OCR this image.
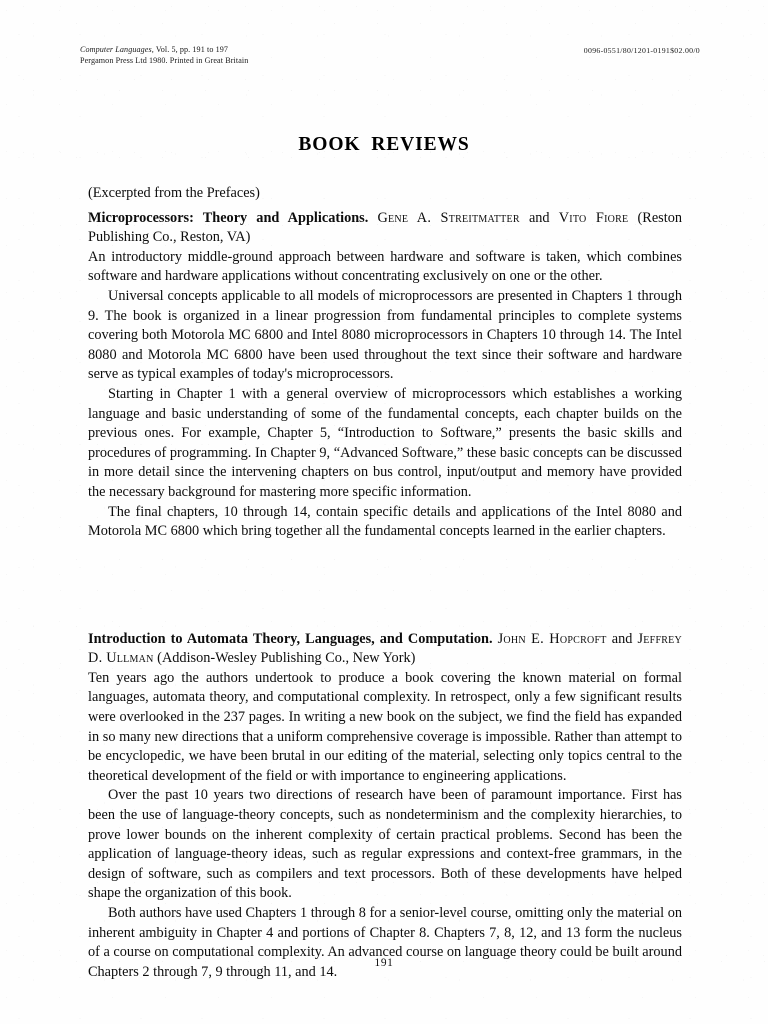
Computer Languages, Vol. 5, pp. 191 to 197
Pergamon Press Ltd 1980. Printed in Great Britain
0096-0551/80/1201-0191$02.00/0
BOOK REVIEWS
(Excerpted from the Prefaces)

Microprocessors: Theory and Applications. Gene A. Streitmatter and Vito Fiore (Reston Publishing Co., Reston, VA)

An introductory middle-ground approach between hardware and software is taken, which combines software and hardware applications without concentrating exclusively on one or the other.

Universal concepts applicable to all models of microprocessors are presented in Chapters 1 through 9. The book is organized in a linear progression from fundamental principles to complete systems covering both Motorola MC 6800 and Intel 8080 microprocessors in Chapters 10 through 14. The Intel 8080 and Motorola MC 6800 have been used throughout the text since their software and hardware serve as typical examples of today's microprocessors.

Starting in Chapter 1 with a general overview of microprocessors which establishes a working language and basic understanding of some of the fundamental concepts, each chapter builds on the previous ones. For example, Chapter 5, “Introduction to Software,” presents the basic skills and procedures of programming. In Chapter 9, “Advanced Software,” these basic concepts can be discussed in more detail since the intervening chapters on bus control, input/output and memory have provided the necessary background for mastering more specific information.

The final chapters, 10 through 14, contain specific details and applications of the Intel 8080 and Motorola MC 6800 which bring together all the fundamental concepts learned in the earlier chapters.

Introduction to Automata Theory, Languages, and Computation. John E. Hopcroft and Jeffrey D. Ullman (Addison-Wesley Publishing Co., New York)

Ten years ago the authors undertook to produce a book covering the known material on formal languages, automata theory, and computational complexity. In retrospect, only a few significant results were overlooked in the 237 pages. In writing a new book on the subject, we find the field has expanded in so many new directions that a uniform comprehensive coverage is impossible. Rather than attempt to be encyclopedic, we have been brutal in our editing of the material, selecting only topics central to the theoretical development of the field or with importance to engineering applications.

Over the past 10 years two directions of research have been of paramount importance. First has been the use of language-theory concepts, such as nondeterminism and the complexity hierarchies, to prove lower bounds on the inherent complexity of certain practical problems. Second has been the application of language-theory ideas, such as regular expressions and context-free grammars, in the design of software, such as compilers and text processors. Both of these developments have helped shape the organization of this book.

Both authors have used Chapters 1 through 8 for a senior-level course, omitting only the material on inherent ambiguity in Chapter 4 and portions of Chapter 8. Chapters 7, 8, 12, and 13 form the nucleus of a course on computational complexity. An advanced course on language theory could be built around Chapters 2 through 7, 9 through 11, and 14.

191
